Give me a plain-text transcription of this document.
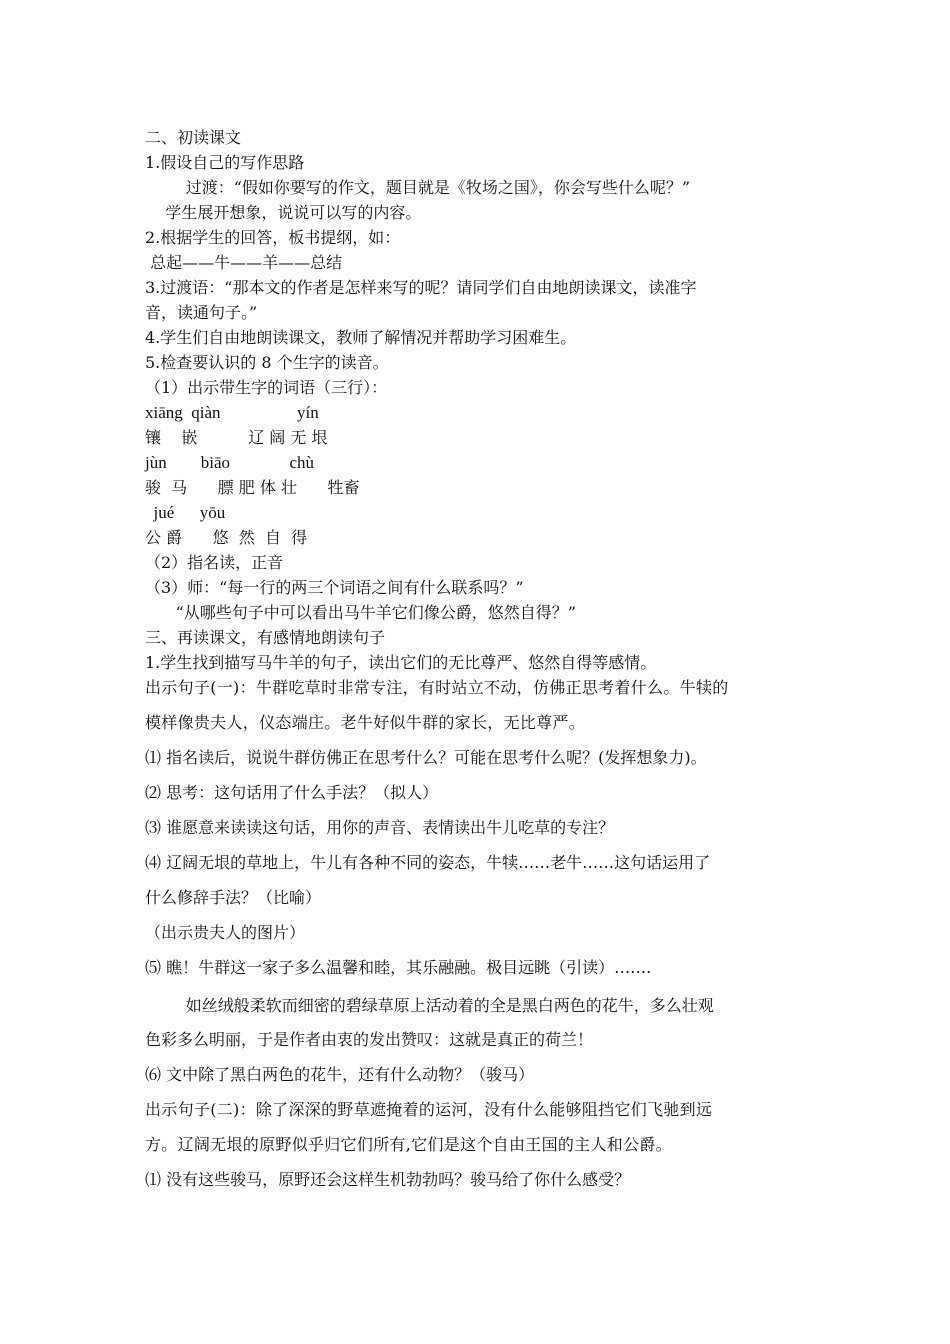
二、初读课文
1.假设自己的写作思路
过渡：“假如你要写的作文，题目就是《牧场之国》，你会写些什么呢？”
学生展开想象，说说可以写的内容。
2.根据学生的回答，板书提纲，如：
总起——牛——羊——总结
3.过渡语：“那本文的作者是怎样来写的呢？请同学们自由地朗读课文，读准字
音，读通句子。”
4.学生们自由地朗读课文，教师了解情况并帮助学习困难生。
5.检查要认识的 8 个生字的读音。
（1）出示带生字的词语（三行）：
xiāng  qiàn                  yín
镶    嵌          辽 阔 无 垠
jùn        biāo              chù
骏  马      膘 肥 体 壮      牲畜
jué      yōu
公 爵      悠  然  自  得
（2）指名读，正音
（3）师：“每一行的两三个词语之间有什么联系吗？”
“从哪些句子中可以看出马牛羊它们像公爵，悠然自得？”
三、再读课文，有感情地朗读句子
1.学生找到描写马牛羊的句子，读出它们的无比尊严、悠然自得等感情。
出示句子(一)：牛群吃草时非常专注，有时站立不动，仿佛正思考着什么。牛犊的
模样像贵夫人，仪态端庄。老牛好似牛群的家长，无比尊严。
⑴ 指名读后，说说牛群仿佛正在思考什么？可能在思考什么呢？(发挥想象力)。
⑵ 思考：这句话用了什么手法？（拟人）
⑶ 谁愿意来读读这句话，用你的声音、表情读出牛儿吃草的专注？
⑷ 辽阔无垠的草地上，牛儿有各种不同的姿态，牛犊……老牛……这句话运用了
什么修辞手法？（比喻）
（出示贵夫人的图片）
⑸ 瞧！牛群这一家子多么温馨和睦，其乐融融。极目远眺（引读）…….
如丝绒般柔软而细密的碧绿草原上活动着的全是黑白两色的花牛，多么壮观
色彩多么明丽，于是作者由衷的发出赞叹：这就是真正的荷兰！
⑹ 文中除了黑白两色的花牛，还有什么动物？（骏马）
出示句子(二)：除了深深的野草遮掩着的运河，没有什么能够阻挡它们飞驰到远
方。辽阔无垠的原野似乎归它们所有,它们是这个自由王国的主人和公爵。
⑴ 没有这些骏马，原野还会这样生机勃勃吗？骏马给了你什么感受？
